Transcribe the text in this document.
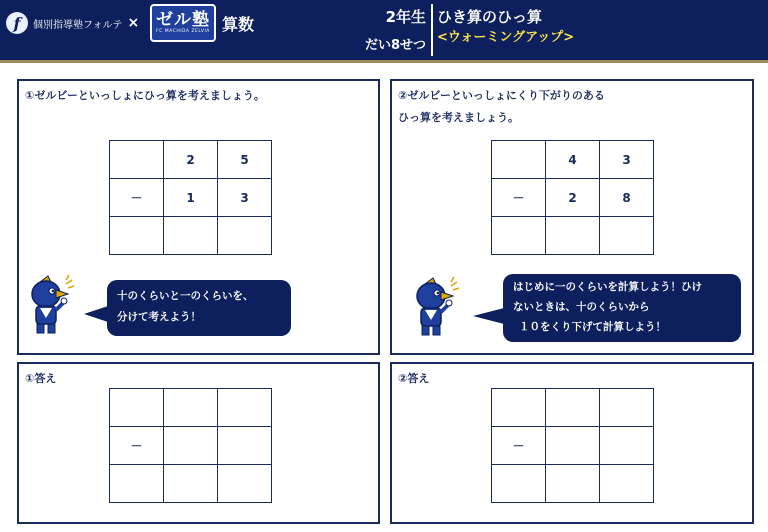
f	個別指導塾フォルテ × ゼル塾
FC MACHIDA ZELVIA 算数	2年生
だい8せつ
ひき算のひっ算
<ウォーミングアップ>
①ゼルビーといっしょにひっ算を考えましょう。
	2	5
－	1	3

十のくらいと一のくらいを、
分けて考えよう！
②ゼルビーといっしょにくり下がりのある
ひっ算を考えましょう。
	4	3
－	2	8

はじめに一のくらいを計算しよう！ひけ
ないときは、十のくらいから
１０をくり下げて計算しよう！
①答え

－		

②答え

－		
